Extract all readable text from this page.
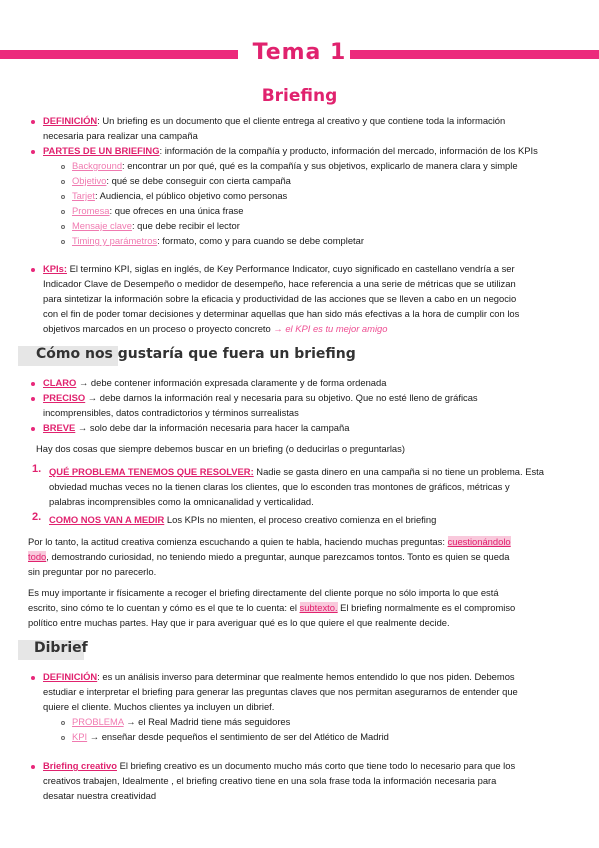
Tema 1
Briefing
DEFINICIÓN: Un briefing es un documento que el cliente entrega al creativo y que contiene toda la información
necesaria para realizar una campaña
PARTES DE UN BRIEFING: información de la compañía y producto, información del mercado, información de los KPIs
Background: encontrar un por qué, qué es la compañía y sus objetivos, explicarlo de manera clara y simple
Objetivo: qué se debe conseguir con cierta campaña
Tarjet: Audiencia, el público objetivo como personas
Promesa: que ofreces en una única frase
Mensaje clave: que debe recibir el lector
Timing y parámetros: formato, como y para cuando se debe completar
KPIs: El termino KPI, siglas en inglés, de Key Performance Indicator, cuyo significado en castellano vendría a ser
Indicador Clave de Desempeño o medidor de desempeño, hace referencia a una serie de métricas que se utilizan
para sintetizar la información sobre la eficacia y productividad de las acciones que se lleven a cabo en un negocio
con el fin de poder tomar decisiones y determinar aquellas que han sido más efectivas a la hora de cumplir con los
objetivos marcados en un proceso o proyecto concreto → el KPI es tu mejor amigo
Cómo nos gustaría que fuera un briefing
CLARO → debe contener información expresada claramente y de forma ordenada
PRECISO → debe darnos la información real y necesaria para su objetivo. Que no esté lleno de gráficas
incomprensibles, datos contradictorios y términos surrealistas
BREVE → solo debe dar la información necesaria para hacer la campaña
Hay dos cosas que siempre debemos buscar en un briefing (o deducirlas o preguntarlas)
1. QUÉ PROBLEMA TENEMOS QUE RESOLVER: Nadie se gasta dinero en una campaña si no tiene un problema. Esta
obviedad muchas veces no la tienen claras los clientes, que lo esconden tras montones de gráficos, métricas y
palabras incomprensibles como la omnicanalidad y verticalidad.
2. COMO NOS VAN A MEDIR Los KPIs no mienten, el proceso creativo comienza en el briefing
Por lo tanto, la actitud creativa comienza escuchando a quien te habla, haciendo muchas preguntas: cuestionándolo
todo, demostrando curiosidad, no teniendo miedo a preguntar, aunque parezcamos tontos. Tonto es quien se queda
sin preguntar por no parecerlo.
Es muy importante ir físicamente a recoger el briefing directamente del cliente porque no sólo importa lo que está
escrito, sino cómo te lo cuentan y cómo es el que te lo cuenta: el subtexto. El briefing normalmente es el compromiso
político entre muchas partes. Hay que ir para averiguar qué es lo que quiere el que realmente decide.
Dibrief
DEFINICIÓN: es un análisis inverso para determinar que realmente hemos entendido lo que nos piden. Debemos
estudiar e interpretar el briefing para generar las preguntas claves que nos permitan asegurarnos de entender que
quiere el cliente. Muchos clientes ya incluyen un dibrief.
PROBLEMA → el Real Madrid tiene más seguidores
KPI → enseñar desde pequeños el sentimiento de ser del Atlético de Madrid
Briefing creativo El briefing creativo es un documento mucho más corto que tiene todo lo necesario para que los
creativos trabajen, Idealmente , el briefing creativo tiene en una sola frase toda la información necesaria para
desatar nuestra creatividad
